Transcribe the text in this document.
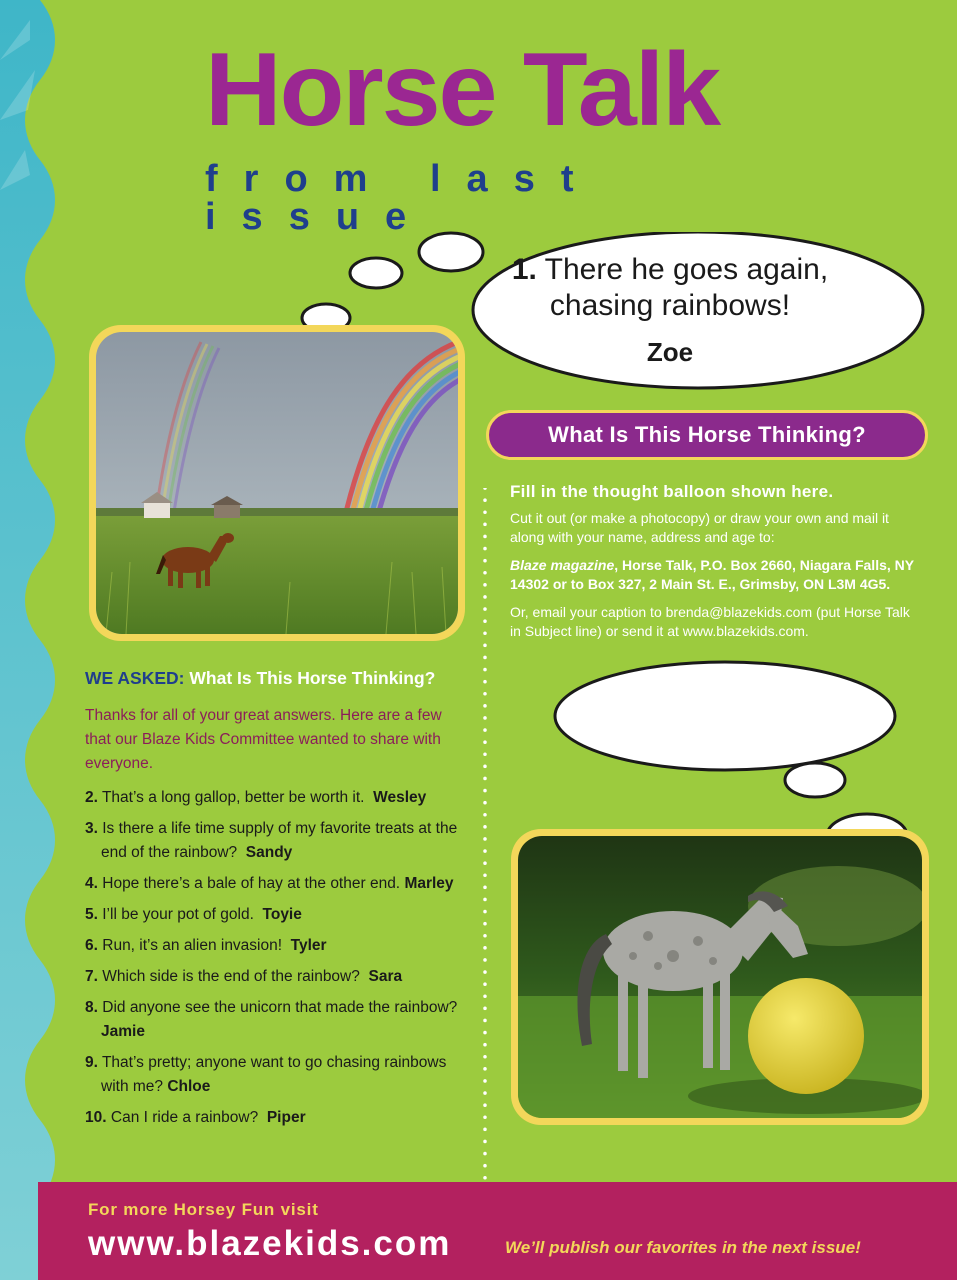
Horse Talk

from last issue

1. There he goes again,
chasing rainbows!
Zoe
What Is This Horse Thinking?

Fill in the thought balloon shown here.

Cut it out (or make a photocopy) or draw your own and mail it along with your name, address and age to:

Blaze magazine, Horse Talk, P.O. Box 2660, Niagara Falls, NY 14302 or to Box 327, 2 Main St. E., Grimsby, ON L3M 4G5.

Or, email your caption to brenda@blazekids.com (put Horse Talk in Subject line) or send it at www.blazekids.com.

WE ASKED: What Is This Horse Thinking?

Thanks for all of your great answers. Here are a few that our Blaze Kids Committee wanted to share with everyone.

2. That’s a long gallop, better be worth it. Wesley
3. Is there a life time supply of my favorite treats at the end of the rainbow? Sandy
4. Hope there’s a bale of hay at the other end. Marley
5. I’ll be your pot of gold. Toyie
6. Run, it’s an alien invasion! Tyler
7. Which side is the end of the rainbow? Sara
8. Did anyone see the unicorn that made the rainbow?  Jamie
9. That’s pretty; anyone want to go chasing rainbows with me? Chloe
10. Can I ride a rainbow? Piper

For more Horsey Fun visit

www.blazekids.com	We’ll publish our favorites in the next issue!
